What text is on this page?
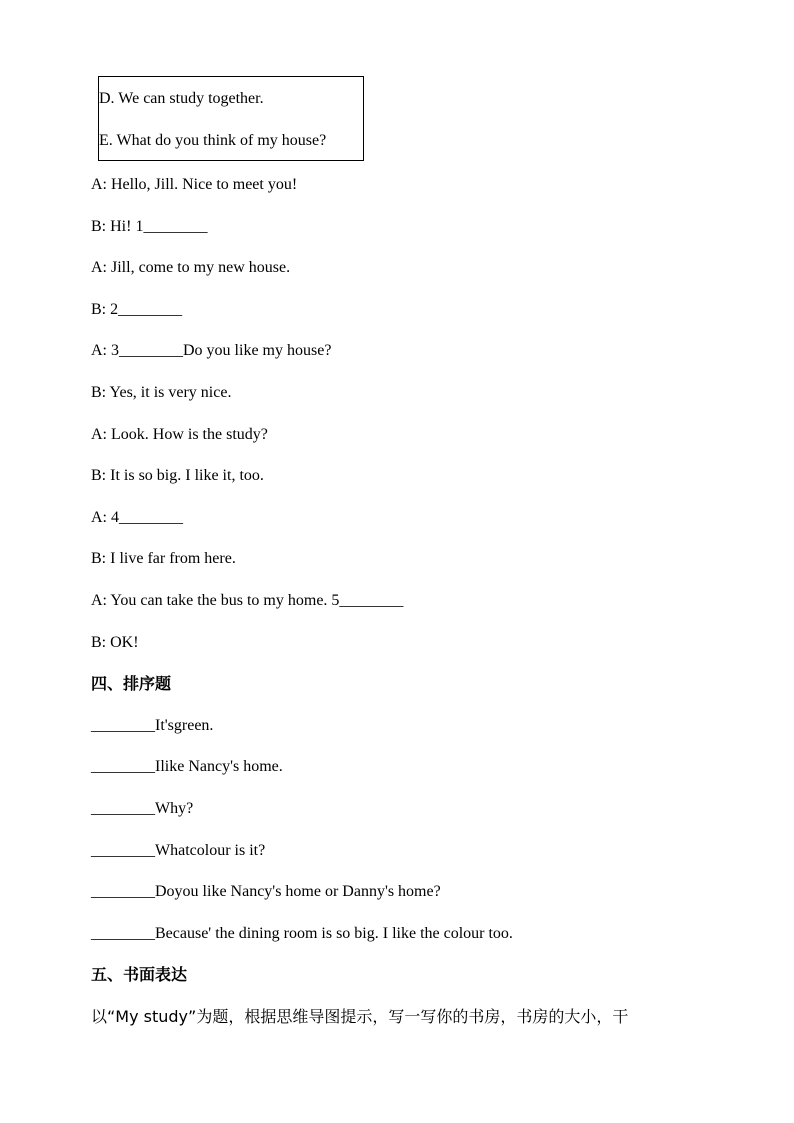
D. We can study together.
E. What do you think of my house?
A: Hello, Jill. Nice to meet you!
B: Hi! 1________
A: Jill, come to my new house.
B: 2________
A: 3________Do you like my house?
B: Yes, it is very nice.
A: Look. How is the study?
B: It is so big. I like it, too.
A: 4________
B: I live far from here.
A: You can take the bus to my home. 5________
B: OK!
四、排序题
________It'sgreen.
________Ilike Nancy's home.
________Why?
________Whatcolour is it?
________Doyou like Nancy's home or Danny's home?
________Because' the dining room is so big. I like the colour too.
五、书面表达
以“My study”为题，根据思维导图提示，写一写你的书房，书房的大小，干
